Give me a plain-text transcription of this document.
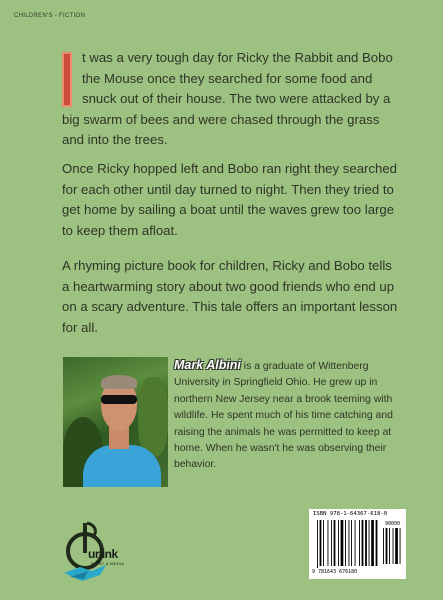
CHILDREN'S - FICTION
t was a very tough day for Ricky the Rabbit and Bobo the Mouse once they searched for some food and snuck out of their house. The two were attacked by a big swarm of bees and were chased through the grass and into the trees.
Once Ricky hopped left and Bobo ran right they searched for each other until day turned to night. Then they tried to get home by sailing a boat until the waves grew too large to keep them afloat.
A rhyming picture book for children, Ricky and Bobo tells a heartwarming story about two good friends who end up on a scary adventure. This tale offers an important lesson for all.
Mark Albini is a graduate of Wittenberg University in Springfield Ohio. He grew up in northern New Jersey near a brook teeming with wildlife. He spent much of his time catching and raising the animals he was permitted to keep at home. When he wasn't he was observing their behavior.
urlink
PRINT & MEDIA
ISBN 978-1-64367-618-0
90000
9 781643 676180
